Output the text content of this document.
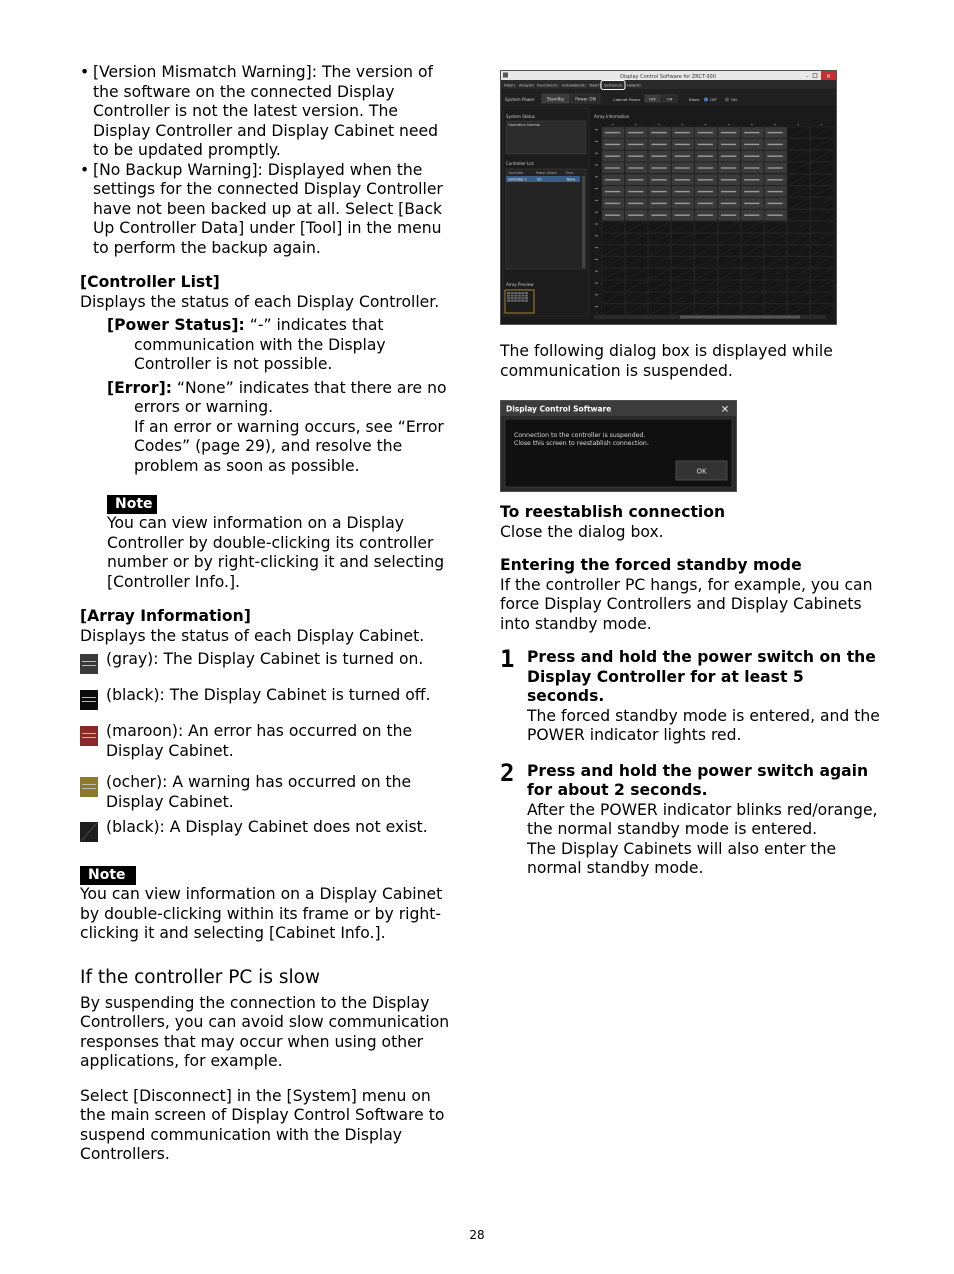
• [Version Mismatch Warning]: The version of the software on the connected Display Controller is not the latest version. The Display Controller and Display Cabinet need to be updated promptly.
• [No Backup Warning]: Displayed when the settings for the connected Display Controller have not been backed up at all. Select [Back Up Controller Data] under [Tool] in the menu to perform the backup again.

[Controller List]

Displays the status of each Display Controller.

[Power Status]: “-” indicates that communication with the Display Controller is not possible.
[Error]: “None” indicates that there are no errors or warning.
If an error or warning occurs, see “Error Codes” (page 29), and resolve the problem as soon as possible.
Note

You can view information on a Display Controller by double-clicking its controller number or by right-clicking it and selecting [Controller Info.].

[Array Information]

Displays the status of each Display Cabinet.

(gray): The Display Cabinet is turned on.
(black): The Display Cabinet is turned off.
(maroon): An error has occurred on the Display Cabinet.
(ocher): A warning has occurred on the Display Cabinet.
(black): A Display Cabinet does not exist.
Note

You can view information on a Display Cabinet by double-clicking within its frame or by right-clicking it and selecting [Cabinet Info.].

If the controller PC is slow

By suspending the connection to the Display Controllers, you can avoid slow communication responses that may occur when using other applications, for example.

Select [Disconnect] in the [System] menu on the main screen of Display Control Software to suspend communication with the Display Controllers.

Display Control Software for ZRCT-300	–	×
File(F) Array(A) Function(U) Installation(I) Tool(T) System(S) Help(H)
System Power	Standby	Power ON	Cabinet Power OFF	ON	Blank	OFF	ON
System Status
Operation Normal
Controller List
Controller	Power Status	Error
Controller 1	On	None
Array Preview
Array Information

The following dialog box is displayed while communication is suspended.

Display Control Software	✕
Connection to the controller is suspended.
Close this screen to reestablish connection.
OK

To reestablish connection

Close the dialog box.

Entering the forced standby mode

If the controller PC hangs, for example, you can force Display Controllers and Display Cabinets into standby mode.

1 Press and hold the power switch on the Display Controller for at least 5 seconds.

The forced standby mode is entered, and the POWER indicator lights red.

2 Press and hold the power switch again for about 2 seconds.

After the POWER indicator blinks red/orange, the normal standby mode is entered.

The Display Cabinets will also enter the normal standby mode.

28
